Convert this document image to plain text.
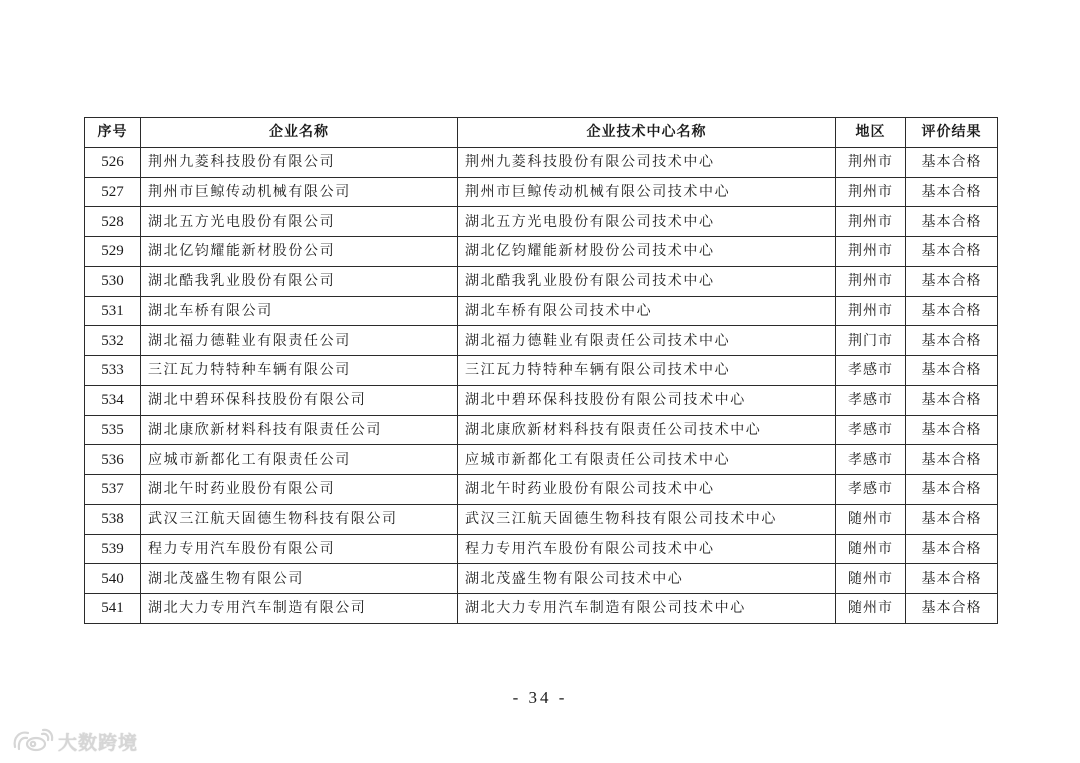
序号	企业名称	企业技术中心名称	地区	评价结果
526	荆州九菱科技股份有限公司	荆州九菱科技股份有限公司技术中心	荆州市	基本合格
527	荆州市巨鲸传动机械有限公司	荆州市巨鲸传动机械有限公司技术中心	荆州市	基本合格
528	湖北五方光电股份有限公司	湖北五方光电股份有限公司技术中心	荆州市	基本合格
529	湖北亿钧耀能新材股份公司	湖北亿钧耀能新材股份公司技术中心	荆州市	基本合格
530	湖北酷我乳业股份有限公司	湖北酷我乳业股份有限公司技术中心	荆州市	基本合格
531	湖北车桥有限公司	湖北车桥有限公司技术中心	荆州市	基本合格
532	湖北福力德鞋业有限责任公司	湖北福力德鞋业有限责任公司技术中心	荆门市	基本合格
533	三江瓦力特特种车辆有限公司	三江瓦力特特种车辆有限公司技术中心	孝感市	基本合格
534	湖北中碧环保科技股份有限公司	湖北中碧环保科技股份有限公司技术中心	孝感市	基本合格
535	湖北康欣新材料科技有限责任公司	湖北康欣新材料科技有限责任公司技术中心	孝感市	基本合格
536	应城市新都化工有限责任公司	应城市新都化工有限责任公司技术中心	孝感市	基本合格
537	湖北午时药业股份有限公司	湖北午时药业股份有限公司技术中心	孝感市	基本合格
538	武汉三江航天固德生物科技有限公司	武汉三江航天固德生物科技有限公司技术中心	随州市	基本合格
539	程力专用汽车股份有限公司	程力专用汽车股份有限公司技术中心	随州市	基本合格
540	湖北茂盛生物有限公司	湖北茂盛生物有限公司技术中心	随州市	基本合格
541	湖北大力专用汽车制造有限公司	湖北大力专用汽车制造有限公司技术中心	随州市	基本合格
- 34 -
大数跨境
